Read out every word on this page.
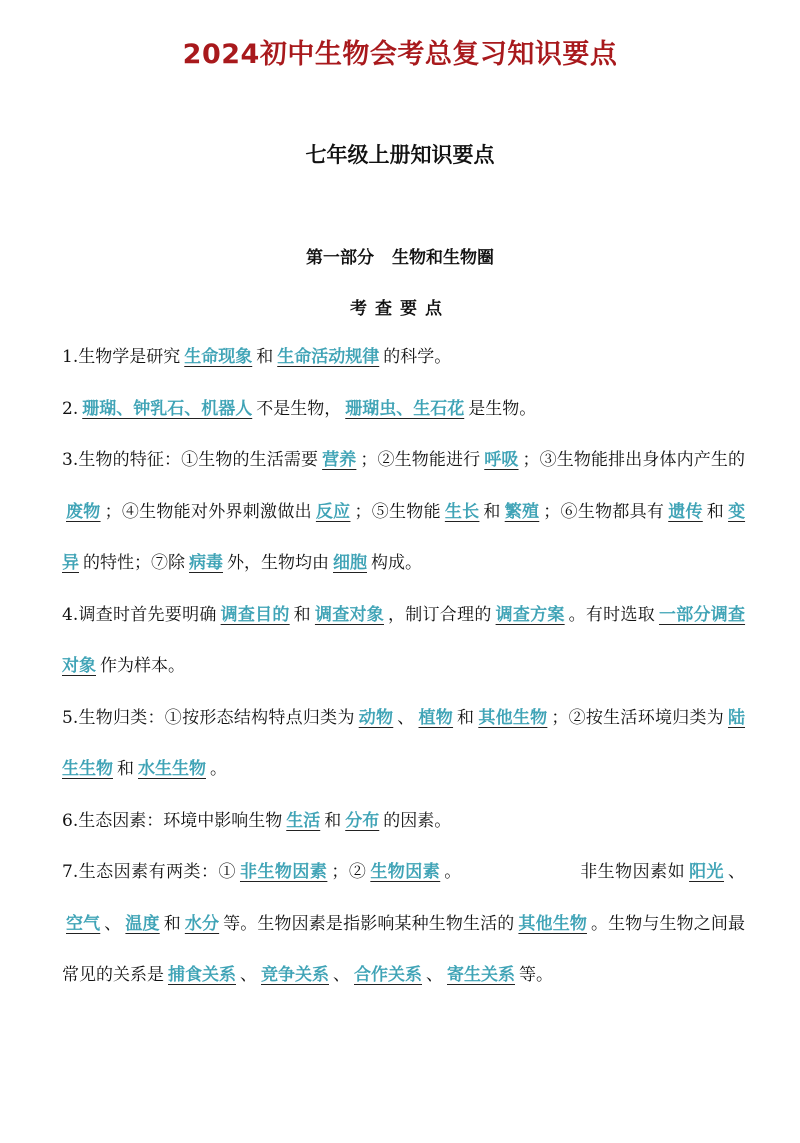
2024初中生物会考总复习知识要点
七年级上册知识要点
第一部分 生物和生物圈
考查要点

1.生物学是研究 生命现象 和 生命活动规律 的科学。

2. 珊瑚、钟乳石、机器人 不是生物， 珊瑚虫、生石花 是生物。

3.生物的特征：①生物的生活需要 营养 ；②生物能进行 呼吸 ；③生物能排出身体内产生的废物 ；④生物能对外界刺激做出 反应 ；⑤生物能 生长 和 繁殖 ；⑥生物都具有 遗传 和 变异 的特性；⑦除 病毒 外，生物均由 细胞 构成。

4.调查时首先要明确 调查目的 和 调查对象 ，制订合理的 调查方案 。有时选取 一部分调查对象 作为样本。

5.生物归类：①按形态结构特点归类为 动物 、 植物 和 其他生物 ；②按生活环境归类为 陆生生物 和 水生生物 。

6.生态因素：环境中影响生物 生活 和 分布 的因素。

7.生态因素有两类：① 非生物因素 ；② 生物因素 。	非生物因素如 阳光 、空气 、 温度 和 水分 等。生物因素是指影响某种生物生活的 其他生物 。生物与生物之间最常见的关系是 捕食关系 、 竞争关系 、 合作关系 、 寄生关系 等。
